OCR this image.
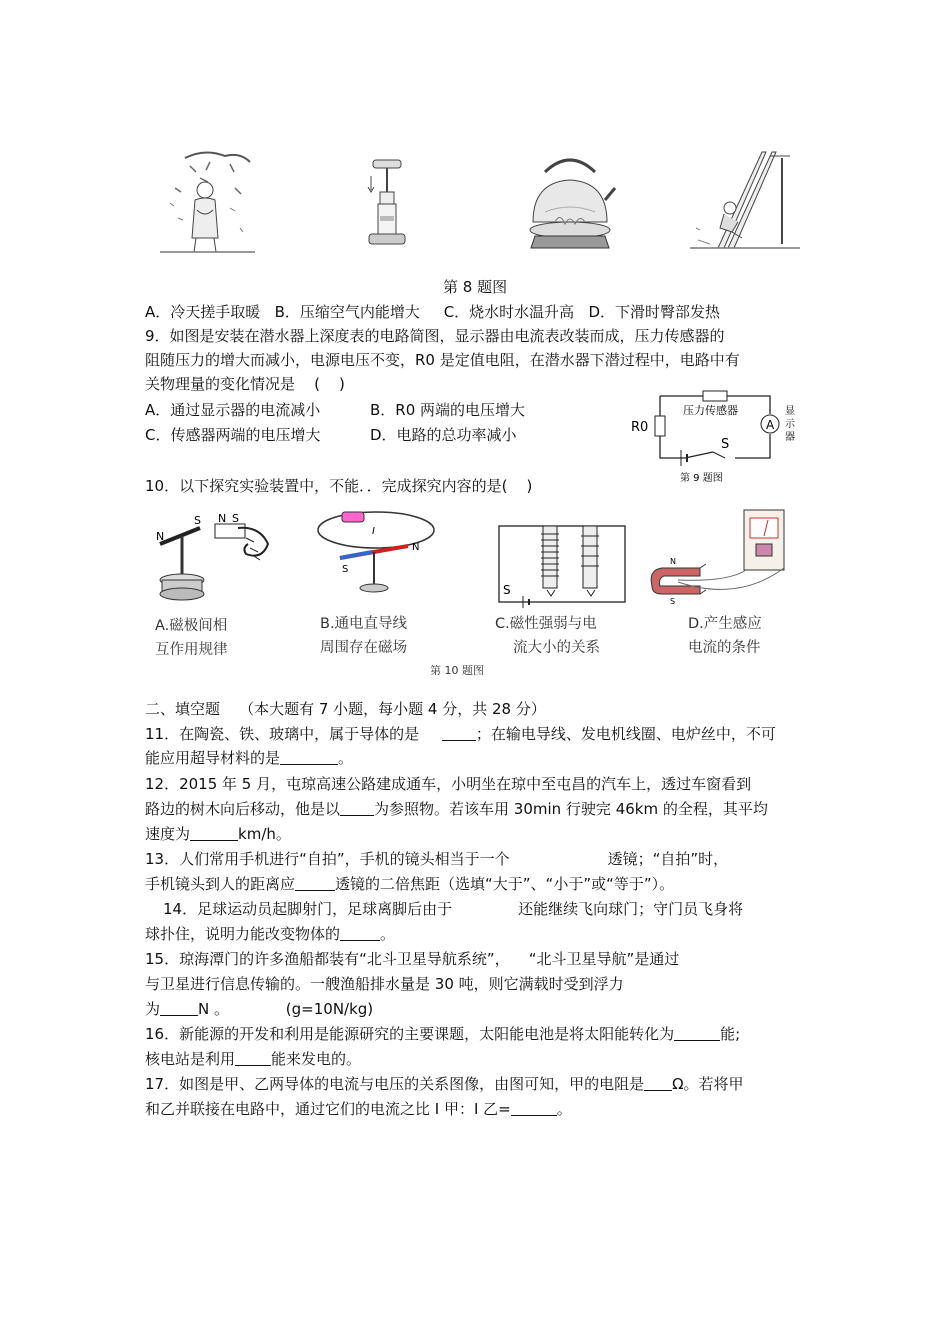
第 8 题图
A．冷天搓手取暖   B．压缩空气内能增大     C．烧水时水温升高   D．下滑时臀部发热
9．如图是安装在潜水器上深度表的电路简图，显示器由电流表改装而成，压力传感器的
阻随压力的增大而减小，电源电压不变，R0 是定值电阻，在潜水器下潜过程中，电路中有
关物理量的变化情况是    (    )
A．通过显示器的电流减小	B．R0 两端的电压增大
C．传感器两端的电压增大	D．电路的总功率减小	R0
压力传感器
A
显
示
器
S
第 9 题图
10．以下探究实验装置中，不能．．完成探究内容的是(    )
N
S N S
A.磁极间相
互作用规律
I
N
S
B.通电直导线
周围存在磁场
S
C.磁性强弱与电
流大小的关系
N
S
D.产生感应
电流的条件
第 10 题图
二、填空题    （本大题有 7 小题，每小题 4 分，共 28 分）
11．在陶瓷、铁、玻璃中，属于导体的是	；在输电导线、发电机线圈、电炉丝中，不可
能应用超导材料的是	。
12．2015 年 5 月，屯琼高速公路建成通车，小明坐在琼中至屯昌的汽车上，透过车窗看到
路边的树木向后移动，他是以 为参照物。若该车用 30min 行驶完 46km 的全程，其平均
速度为	km/h。
13．人们常用手机进行“自拍”，手机的镜头相当于一个	透镜；“自拍”时，
手机镜头到人的距离应	透镜的二倍焦距（选填“大于”、“小于”或“等于”）。
14．足球运动员起脚射门，足球离脚后由于	还能继续飞向球门；守门员飞身将
球扑住，说明力能改变物体的	。
15．琼海潭门的许多渔船都装有“北斗卫星导航系统”，    “北斗卫星导航”是通过
与卫星进行信息传输的。一艘渔船排水量是 30 吨，则它满载时受到浮力
为	N 。	(g=10N/kg)
16．新能源的开发和利用是能源研究的主要课题，太阳能电池是将太阳能转化为	能;
核电站是利用 能来发电的。
17．如图是甲、乙两导体的电流与电压的关系图像，由图可知，甲的电阻是 Ω。若将甲
和乙并联接在电路中，通过它们的电流之比 I 甲：I 乙=	。
